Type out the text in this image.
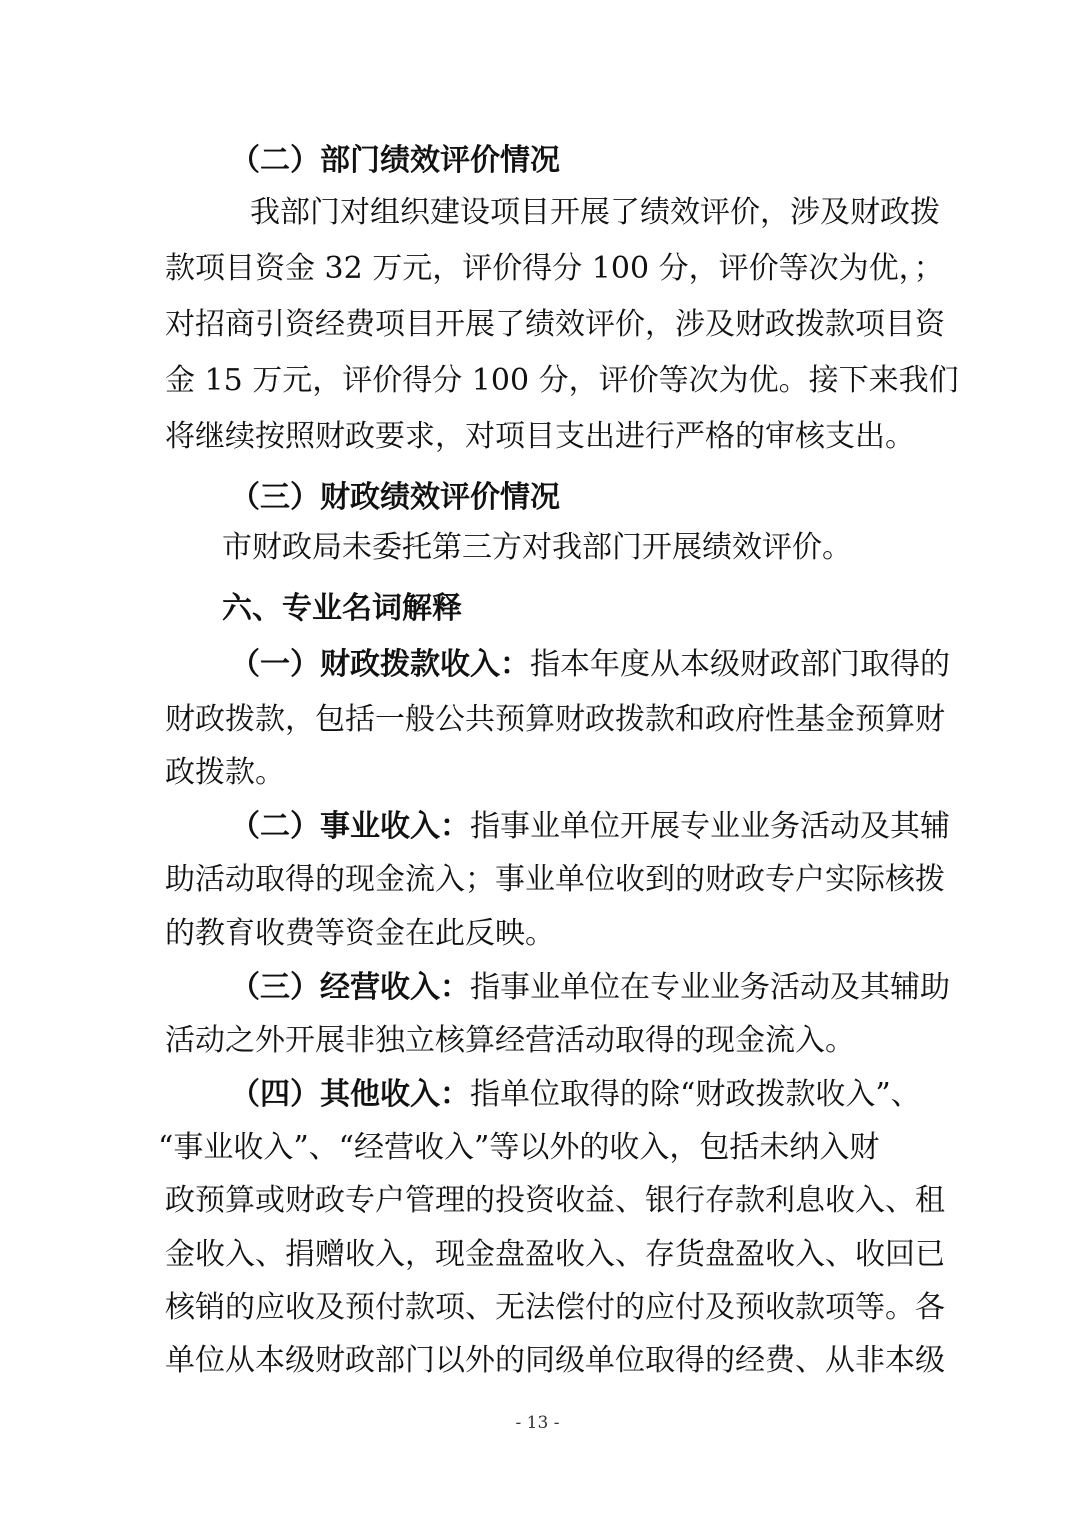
（二）部门绩效评价情况
我部门对组织建设项目开展了绩效评价，涉及财政拨
款项目资金 32 万元，评价得分 100 分，评价等次为优，；
对招商引资经费项目开展了绩效评价，涉及财政拨款项目资
金 15 万元，评价得分 100 分，评价等次为优。接下来我们
将继续按照财政要求，对项目支出进行严格的审核支出。
（三）财政绩效评价情况
市财政局未委托第三方对我部门开展绩效评价。
六、专业名词解释
（一）财政拨款收入：指本年度从本级财政部门取得的
财政拨款，包括一般公共预算财政拨款和政府性基金预算财
政拨款。
（二）事业收入：指事业单位开展专业业务活动及其辅
助活动取得的现金流入；事业单位收到的财政专户实际核拨
的教育收费等资金在此反映。
（三）经营收入：指事业单位在专业业务活动及其辅助
活动之外开展非独立核算经营活动取得的现金流入。
（四）其他收入：指单位取得的除“财政拨款收入”、
“事业收入”、“经营收入”等以外的收入，包括未纳入财
政预算或财政专户管理的投资收益、银行存款利息收入、租
金收入、捐赠收入，现金盘盈收入、存货盘盈收入、收回已
核销的应收及预付款项、无法偿付的应付及预收款项等。各
单位从本级财政部门以外的同级单位取得的经费、从非本级
- 13 -
